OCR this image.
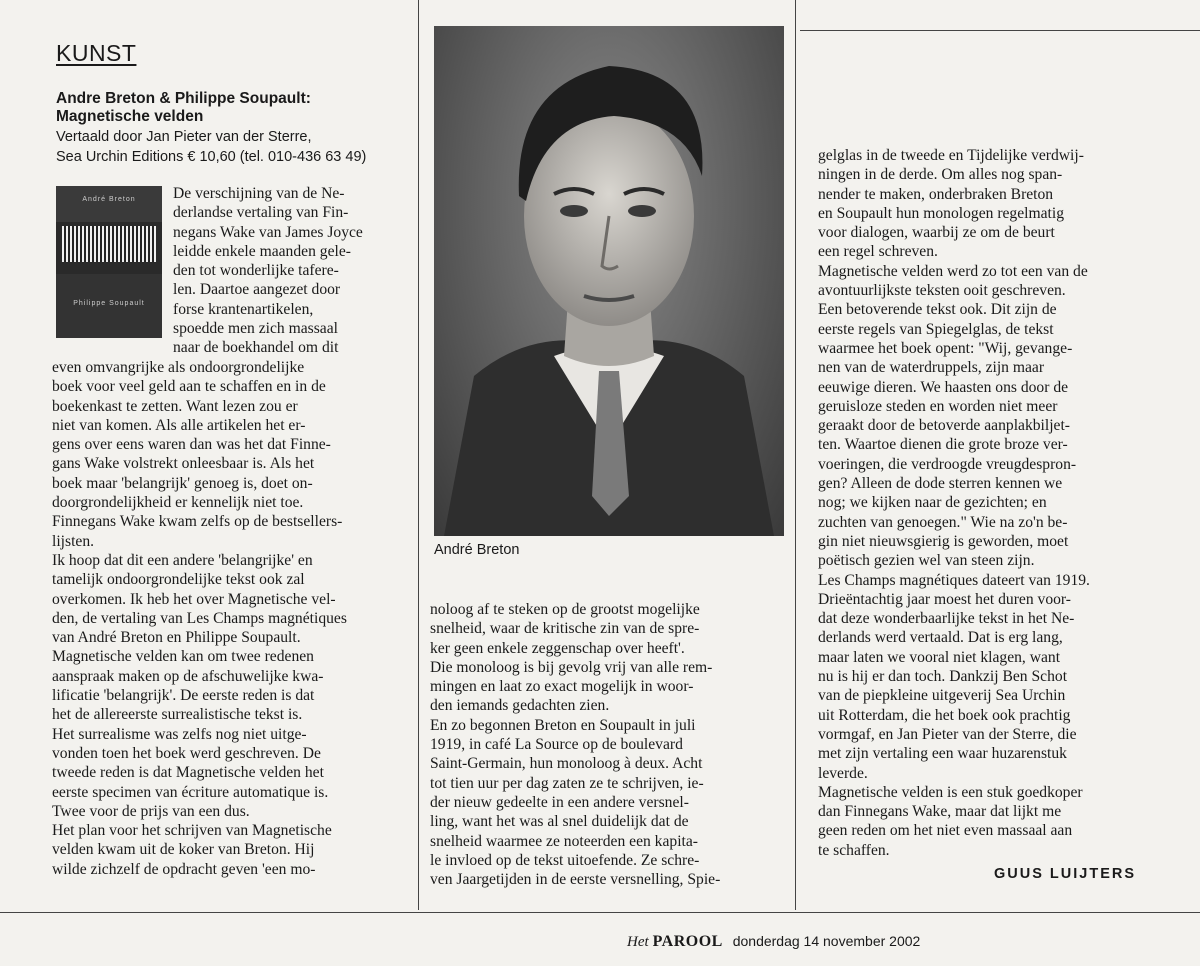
KUNST
Andre Breton & Philippe Soupault:
Magnetische velden
Vertaald door Jan Pieter van der Sterre,
Sea Urchin Editions € 10,60 (tel. 010-436 63 49)
André Breton
Philippe Soupault

De verschijning van de Ne-

derlandse vertaling van Fin-

negans Wake van James Joyce

leidde enkele maanden gele-

den tot wonderlijke tafere-

len. Daartoe aangezet door

forse krantenartikelen,

spoedde men zich massaal

naar de boekhandel om dit

even omvangrijke als ondoorgrondelijke

boek voor veel geld aan te schaffen en in de

boekenkast te zetten. Want lezen zou er

niet van komen. Als alle artikelen het er-

gens over eens waren dan was het dat Finne-

gans Wake volstrekt onleesbaar is. Als het

boek maar 'belangrijk' genoeg is, doet on-

doorgrondelijkheid er kennelijk niet toe.

Finnegans Wake kwam zelfs op de bestsellers-

lijsten.

Ik hoop dat dit een andere 'belangrijke' en

tamelijk ondoorgrondelijke tekst ook zal

overkomen. Ik heb het over Magnetische vel-

den, de vertaling van Les Champs magnétiques

van André Breton en Philippe Soupault.

Magnetische velden kan om twee redenen

aanspraak maken op de afschuwelijke kwa-

lificatie 'belangrijk'. De eerste reden is dat

het de allereerste surrealistische tekst is.

Het surrealisme was zelfs nog niet uitge-

vonden toen het boek werd geschreven. De

tweede reden is dat Magnetische velden het

eerste specimen van écriture automatique is.

Twee voor de prijs van een dus.

Het plan voor het schrijven van Magnetische

velden kwam uit de koker van Breton. Hij

wilde zichzelf de opdracht geven 'een mo-

André Breton

noloog af te steken op de grootst mogelijke

snelheid, waar de kritische zin van de spre-

ker geen enkele zeggenschap over heeft'.

Die monoloog is bij gevolg vrij van alle rem-

mingen en laat zo exact mogelijk in woor-

den iemands gedachten zien.

En zo begonnen Breton en Soupault in juli

1919, in café La Source op de boulevard

Saint-Germain, hun monoloog à deux. Acht

tot tien uur per dag zaten ze te schrijven, ie-

der nieuw gedeelte in een andere versnel-

ling, want het was al snel duidelijk dat de

snelheid waarmee ze noteerden een kapita-

le invloed op de tekst uitoefende. Ze schre-

ven Jaargetijden in de eerste versnelling, Spie-

gelglas in de tweede en Tijdelijke verdwij-

ningen in de derde. Om alles nog span-

nender te maken, onderbraken Breton

en Soupault hun monologen regelmatig

voor dialogen, waarbij ze om de beurt

een regel schreven.

Magnetische velden werd zo tot een van de

avontuurlijkste teksten ooit geschreven.

Een betoverende tekst ook. Dit zijn de

eerste regels van Spiegelglas, de tekst

waarmee het boek opent: "Wij, gevange-

nen van de waterdruppels, zijn maar

eeuwige dieren. We haasten ons door de

geruisloze steden en worden niet meer

geraakt door de betoverde aanplakbiljet-

ten. Waartoe dienen die grote broze ver-

voeringen, die verdroogde vreugdespron-

gen? Alleen de dode sterren kennen we

nog; we kijken naar de gezichten; en

zuchten van genoegen." Wie na zo'n be-

gin niet nieuwsgierig is geworden, moet

poëtisch gezien wel van steen zijn.

Les Champs magnétiques dateert van 1919.

Drieëntachtig jaar moest het duren voor-

dat deze wonderbaarlijke tekst in het Ne-

derlands werd vertaald. Dat is erg lang,

maar laten we vooral niet klagen, want

nu is hij er dan toch. Dankzij Ben Schot

van de piepkleine uitgeverij Sea Urchin

uit Rotterdam, die het boek ook prachtig

vormgaf, en Jan Pieter van der Sterre, die

met zijn vertaling een waar huzarenstuk

leverde.

Magnetische velden is een stuk goedkoper

dan Finnegans Wake, maar dat lijkt me

geen reden om het niet even massaal aan

te schaffen.

GUUS LUIJTERS
Het PAROOL donderdag 14 november 2002
